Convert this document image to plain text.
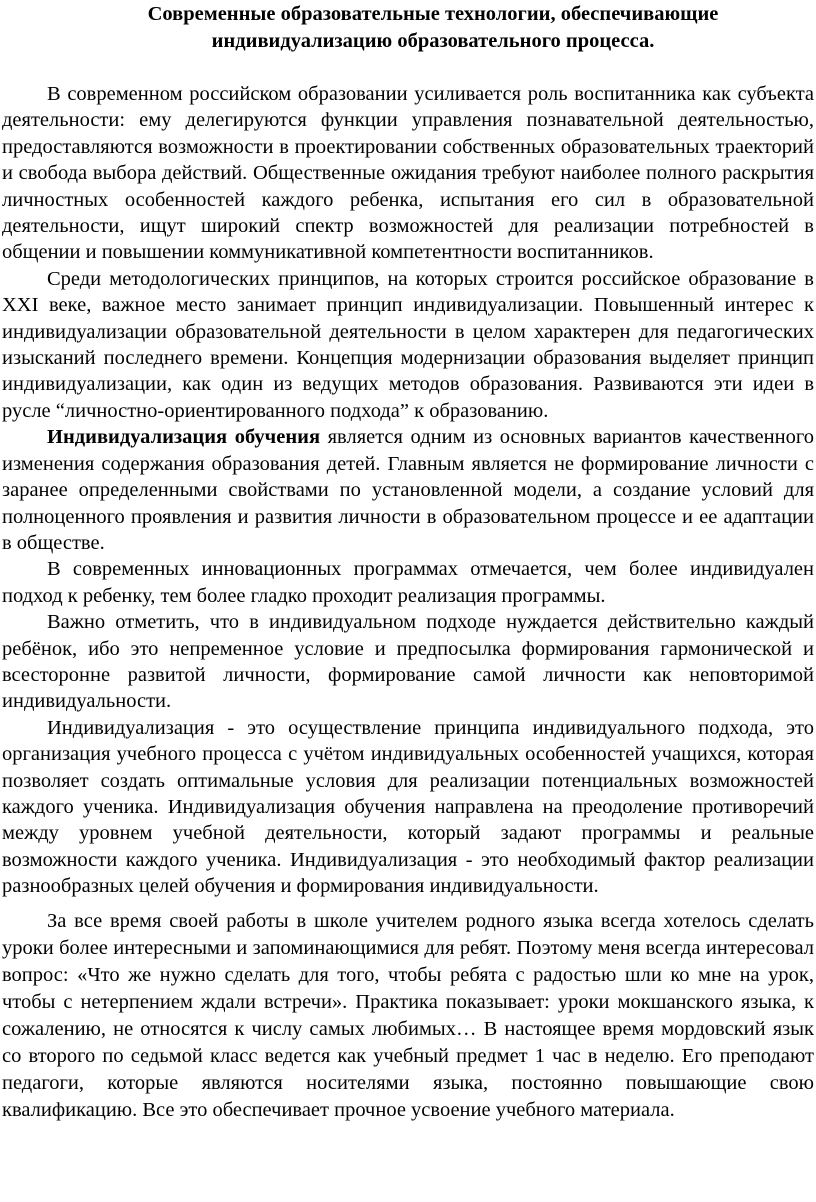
Современные образовательные технологии, обеспечивающие
индивидуализацию образовательного процесса.

В современном российском образовании усиливается роль воспитанника как субъекта деятельности: ему делегируются функции управления познавательной деятельностью, предоставляются возможности в проектировании собственных образовательных траекторий и свобода выбора действий. Общественные ожидания требуют наиболее полного раскрытия личностных особенностей каждого ребенка, испытания его сил в образовательной деятельности, ищут широкий спектр возможностей для реализации потребностей в общении и повышении коммуникативной компетентности воспитанников.

Среди методологических принципов, на которых строится российское образование в XXI веке, важное место занимает принцип индивидуализации. Повышенный интерес к индивидуализации образовательной деятельности в целом характерен для педагогических изысканий последнего времени. Концепция модернизации образования выделяет принцип индивидуализации, как один из ведущих методов образования. Развиваются эти идеи в русле “личностно-ориентированного подхода” к образованию.

Индивидуализация обучения является одним из основных вариантов качественного изменения содержания образования детей. Главным является не формирование личности с заранее определенными свойствами по установленной модели, а создание условий для полноценного проявления и развития личности в образовательном процессе и ее адаптации в обществе.

В современных инновационных программах отмечается, чем более индивидуален подход к ребенку, тем более гладко проходит реализация программы.

Важно отметить, что в индивидуальном подходе нуждается действительно каждый ребёнок, ибо это непременное условие и предпосылка формирования гармонической и всесторонне развитой личности, формирование самой личности как неповторимой индивидуальности.

Индивидуализация - это осуществление принципа индивидуального подхода, это организация учебного процесса с учётом индивидуальных особенностей учащихся, которая позволяет создать оптимальные условия для реализации потенциальных возможностей каждого ученика. Индивидуализация обучения направлена на преодоление противоречий между уровнем учебной деятельности, который задают программы и реальные возможности каждого ученика. Индивидуализация - это необходимый фактор реализации разнообразных целей обучения и формирования индивидуальности.

За все время своей работы в школе учителем родного языка всегда хотелось сделать уроки более интересными и запоминающимися для ребят. Поэтому меня всегда интересовал вопрос: «Что же нужно сделать для того, чтобы ребята с радостью шли ко мне на урок, чтобы с нетерпением ждали встречи». Практика показывает: уроки мокшанского языка, к сожалению, не относятся к числу самых любимых… В настоящее время мордовский язык со второго по седьмой класс ведется как учебный предмет 1 час в неделю. Его преподают педагоги, которые являются носителями языка, постоянно повышающие свою квалификацию. Все это обеспечивает прочное усвоение учебного материала.
